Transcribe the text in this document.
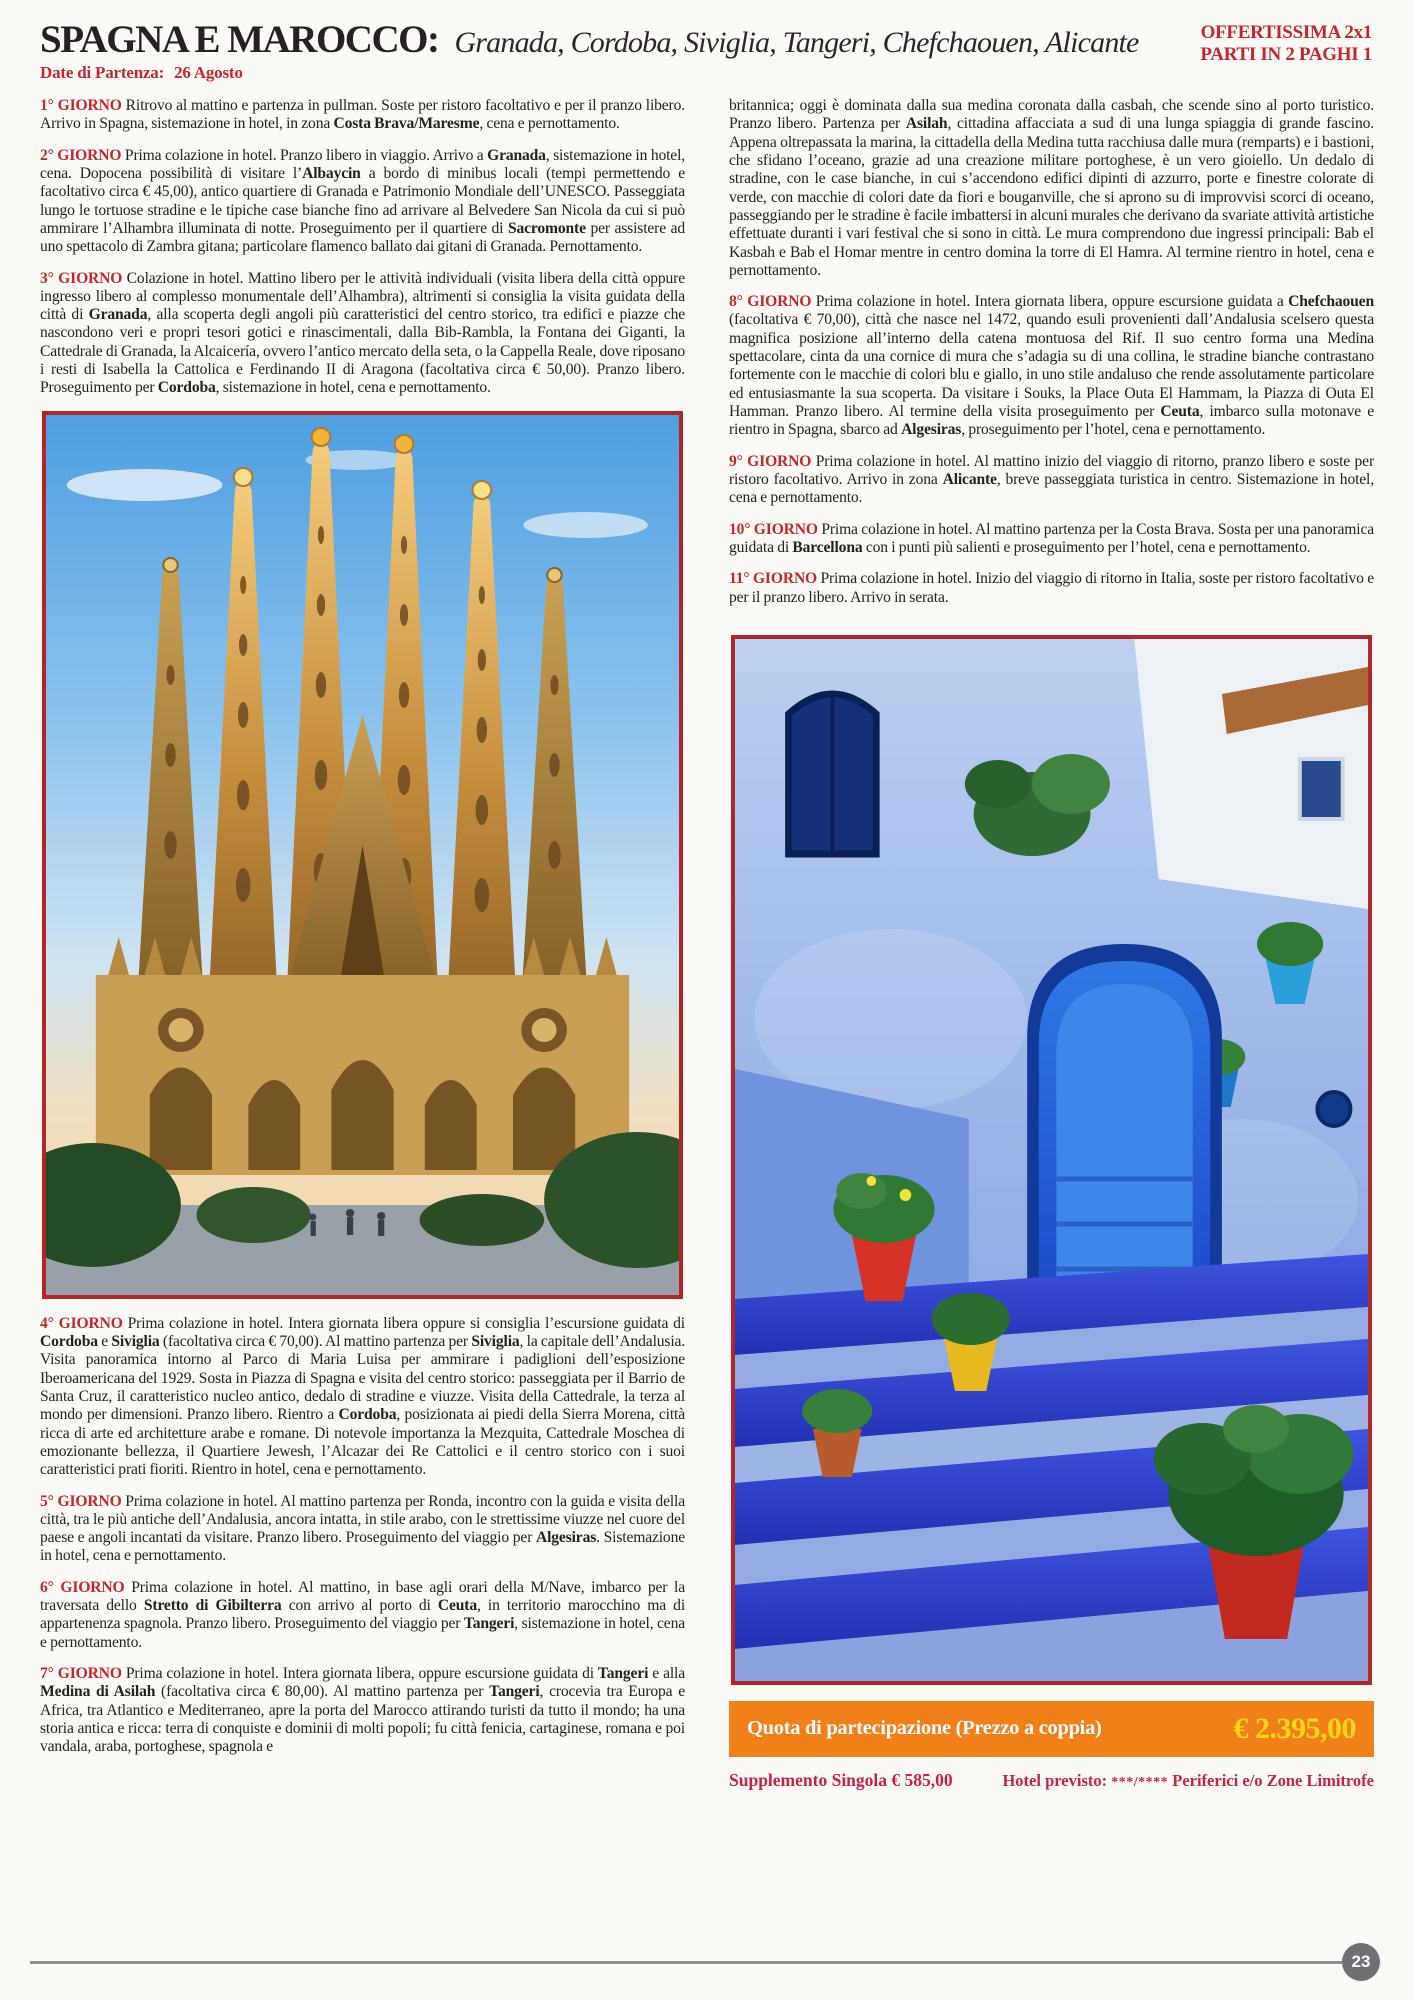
SPAGNA E MAROCCO: Granada, Cordoba, Siviglia, Tangeri, Chefchaouen, Alicante	OFFERTISSIMA 2x1
PARTI IN 2 PAGHI 1
Date di Partenza: 26 Agosto

1° GIORNO Ritrovo al mattino e partenza in pullman. Soste per ristoro facoltativo e per il pranzo libero. Arrivo in Spagna, sistemazione in hotel, in zona Costa Brava/Maresme, cena e pernottamento.

2° GIORNO Prima colazione in hotel. Pranzo libero in viaggio. Arrivo a Granada, sistemazione in hotel, cena. Dopocena possibilità di visitare l’Albaycin a bordo di minibus locali (tempi permettendo e facoltativo circa € 45,00), antico quartiere di Granada e Patrimonio Mondiale dell’UNESCO. Passeggiata lungo le tortuose stradine e le tipiche case bianche fino ad arrivare al Belvedere San Nicola da cui si può ammirare l’Alhambra illuminata di notte. Proseguimento per il quartiere di Sacromonte per assistere ad uno spettacolo di Zambra gitana; particolare flamenco ballato dai gitani di Granada. Pernottamento.

3° GIORNO Colazione in hotel. Mattino libero per le attività individuali (visita libera della città oppure ingresso libero al complesso monumentale dell’Alhambra), altrimenti si consiglia la visita guidata della città di Granada, alla scoperta degli angoli più caratteristici del centro storico, tra edifici e piazze che nascondono veri e propri tesori gotici e rinascimentali, dalla Bib-Rambla, la Fontana dei Giganti, la Cattedrale di Granada, la Alcaicería, ovvero l’antico mercato della seta, o la Cappella Reale, dove riposano i resti di Isabella la Cattolica e Ferdinando II di Aragona (facoltativa circa € 50,00). Pranzo libero. Proseguimento per Cordoba, sistemazione in hotel, cena e pernottamento.

4° GIORNO Prima colazione in hotel. Intera giornata libera oppure si consiglia l’escursione guidata di Cordoba e Siviglia (facoltativa circa € 70,00). Al mattino partenza per Siviglia, la capitale dell’Andalusia. Visita panoramica intorno al Parco di Maria Luisa per ammirare i padiglioni dell’esposizione Iberoamericana del 1929. Sosta in Piazza di Spagna e visita del centro storico: passeggiata per il Barrio de Santa Cruz, il caratteristico nucleo antico, dedalo di stradine e viuzze. Visita della Cattedrale, la terza al mondo per dimensioni. Pranzo libero. Rientro a Cordoba, posizionata ai piedi della Sierra Morena, città ricca di arte ed architetture arabe e romane. Di notevole importanza la Mezquita, Cattedrale Moschea di emozionante bellezza, il Quartiere Jewesh, l’Alcazar dei Re Cattolici e il centro storico con i suoi caratteristici prati fioriti. Rientro in hotel, cena e pernottamento.

5° GIORNO Prima colazione in hotel. Al mattino partenza per Ronda, incontro con la guida e visita della città, tra le più antiche dell’Andalusia, ancora intatta, in stile arabo, con le strettissime viuzze nel cuore del paese e angoli incantati da visitare. Pranzo libero. Proseguimento del viaggio per Algesiras. Sistemazione in hotel, cena e pernottamento.

6° GIORNO Prima colazione in hotel. Al mattino, in base agli orari della M/Nave, imbarco per la traversata dello Stretto di Gibilterra con arrivo al porto di Ceuta, in territorio marocchino ma di appartenenza spagnola. Pranzo libero. Proseguimento del viaggio per Tangeri, sistemazione in hotel, cena e pernottamento.

7° GIORNO Prima colazione in hotel. Intera giornata libera, oppure escursione guidata di Tangeri e alla Medina di Asilah (facoltativa circa € 80,00). Al mattino partenza per Tangeri, crocevia tra Europa e Africa, tra Atlantico e Mediterraneo, apre la porta del Marocco attirando turisti da tutto il mondo; ha una storia antica e ricca: terra di conquiste e dominii di molti popoli; fu città fenicia, cartaginese, romana e poi vandala, araba, portoghese, spagnola e

britannica; oggi è dominata dalla sua medina coronata dalla casbah, che scende sino al porto turistico. Pranzo libero. Partenza per Asilah, cittadina affacciata a sud di una lunga spiaggia di grande fascino. Appena oltrepassata la marina, la cittadella della Medina tutta racchiusa dalle mura (remparts) e i bastioni, che sfidano l’oceano, grazie ad una creazione militare portoghese, è un vero gioiello. Un dedalo di stradine, con le case bianche, in cui s’accendono edifici dipinti di azzurro, porte e finestre colorate di verde, con macchie di colori date da fiori e bouganville, che si aprono su di improvvisi scorci di oceano, passeggiando per le stradine è facile imbattersi in alcuni murales che derivano da svariate attività artistiche effettuate duranti i vari festival che si sono in città. Le mura comprendono due ingressi principali: Bab el Kasbah e Bab el Homar mentre in centro domina la torre di El Hamra. Al termine rientro in hotel, cena e pernottamento.

8° GIORNO Prima colazione in hotel. Intera giornata libera, oppure escursione guidata a Chefchaouen (facoltativa € 70,00), città che nasce nel 1472, quando esuli provenienti dall’Andalusia scelsero questa magnifica posizione all’interno della catena montuosa del Rif. Il suo centro forma una Medina spettacolare, cinta da una cornice di mura che s’adagia su di una collina, le stradine bianche contrastano fortemente con le macchie di colori blu e giallo, in uno stile andaluso che rende assolutamente particolare ed entusiasmante la sua scoperta. Da visitare i Souks, la Place Outa El Hammam, la Piazza di Outa El Hamman. Pranzo libero. Al termine della visita proseguimento per Ceuta, imbarco sulla motonave e rientro in Spagna, sbarco ad Algesiras, proseguimento per l’hotel, cena e pernottamento.

9° GIORNO Prima colazione in hotel. Al mattino inizio del viaggio di ritorno, pranzo libero e soste per ristoro facoltativo. Arrivo in zona Alicante, breve passeggiata turistica in centro. Sistemazione in hotel, cena e pernottamento.

10° GIORNO Prima colazione in hotel. Al mattino partenza per la Costa Brava. Sosta per una panoramica guidata di Barcellona con i punti più salienti e proseguimento per l’hotel, cena e pernottamento.

11° GIORNO Prima colazione in hotel. Inizio del viaggio di ritorno in Italia, soste per ristoro facoltativo e per il pranzo libero. Arrivo in serata.

Quota di partecipazione (Prezzo a coppia)	€ 2.395,00
Supplemento Singola € 585,00	Hotel previsto: ***/**** Periferici e/o Zone Limitrofe
23
